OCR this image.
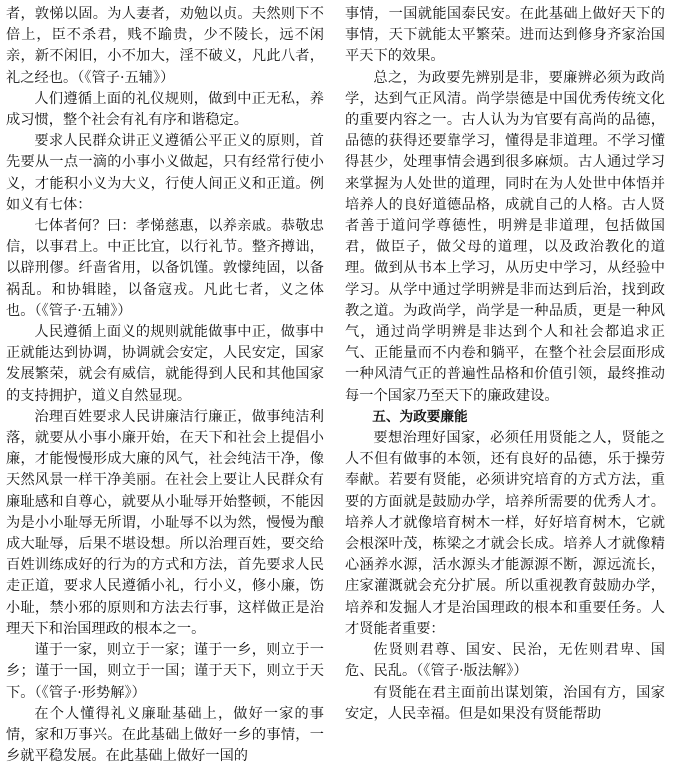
者，敦悌以固。为人妻者，劝勉以贞。夫然则下不倍上，臣不杀君，贱不踰贵，少不陵长，远不闲亲，新不闲旧，小不加大，淫不破义，凡此八者，礼之经也。（《管子·五辅》）

人们遵循上面的礼仪规则，做到中正无私，养成习惯，整个社会有礼有序和谐稳定。

要求人民群众讲正义遵循公平正义的原则，首先要从一点一滴的小事小义做起，只有经常行使小义，才能积小义为大义，行使人间正义和正道。例如义有七体：

七体者何？曰：孝悌慈惠，以养亲戚。恭敬忠信，以事君上。中正比宜，以行礼节。整齐撙诎，以辟刑僇。纤啬省用，以备饥馑。敦懞纯固，以备祸乱。和协辑睦，以备寇戎。凡此七者，义之体也。（《管子·五辅》）

人民遵循上面义的规则就能做事中正，做事中正就能达到协调，协调就会安定，人民安定，国家发展繁荣，就会有威信，就能得到人民和其他国家的支持拥护，道义自然显现。

治理百姓要求人民讲廉洁行廉正，做事纯洁利落，就要从小事小廉开始，在天下和社会上提倡小廉，才能慢慢形成大廉的风气，社会纯洁干净，像天然风景一样干净美丽。在社会上要让人民群众有廉耻感和自尊心，就要从小耻辱开始整顿，不能因为是小小耻辱无所谓，小耻辱不以为然，慢慢为酿成大耻辱，后果不堪设想。所以治理百姓，要交给百姓训练成好的行为的方式和方法，首先要求人民走正道，要求人民遵循小礼，行小义，修小廉，饬小耻，禁小邪的原则和方法去行事，这样做正是治理天下和治国理政的根本之一。

谨于一家，则立于一家；谨于一乡，则立于一乡；谨于一国，则立于一国；谨于天下，则立于天下。（《管子·形势解》）

在个人懂得礼义廉耻基础上，做好一家的事情，家和万事兴。在此基础上做好一乡的事情，一乡就平稳发展。在此基础上做好一国的

事情，一国就能国泰民安。在此基础上做好天下的事情，天下就能太平繁荣。进而达到修身齐家治国平天下的效果。

总之，为政要先辨别是非，要廉辨必须为政尚学，达到气正风清。尚学崇德是中国优秀传统文化的重要内容之一。古人认为为官要有高尚的品德，品德的获得还要靠学习，懂得是非道理。不学习懂得甚少，处理事情会遇到很多麻烦。古人通过学习来掌握为人处世的道理，同时在为人处世中体悟并培养人的良好道德品格，成就自己的人格。古人贤者善于道问学尊德性，明辨是非道理，包括做国君，做臣子，做父母的道理，以及政治教化的道理。做到从书本上学习，从历史中学习，从经验中学习。从学中通过学明辨是非而达到后治，找到政教之道。为政尚学，尚学是一种品质，更是一种风气，通过尚学明辨是非达到个人和社会都追求正气、正能量而不内卷和躺平，在整个社会层面形成一种风清气正的普遍性品格和价值引领，最终推动每一个国家乃至天下的廉政建设。

五、为政要廉能

要想治理好国家，必须任用贤能之人，贤能之人不但有做事的本领，还有良好的品德，乐于操劳奉献。若要有贤能，必须讲究培育的方式方法，重要的方面就是鼓励办学，培养所需要的优秀人才。培养人才就像培育树木一样，好好培育树木，它就会根深叶茂，栋梁之才就会长成。培养人才就像精心涵养水源，活水源头才能源源不断，源远流长，庄家灌溉就会充分扩展。所以重视教育鼓励办学，培养和发掘人才是治国理政的根本和重要任务。人才贤能者重要：

佐贤则君尊、国安、民治，无佐则君卑、国危、民乱。（《管子·版法解》）

有贤能在君主面前出谋划策，治国有方，国家安定，人民幸福。但是如果没有贤能帮助
